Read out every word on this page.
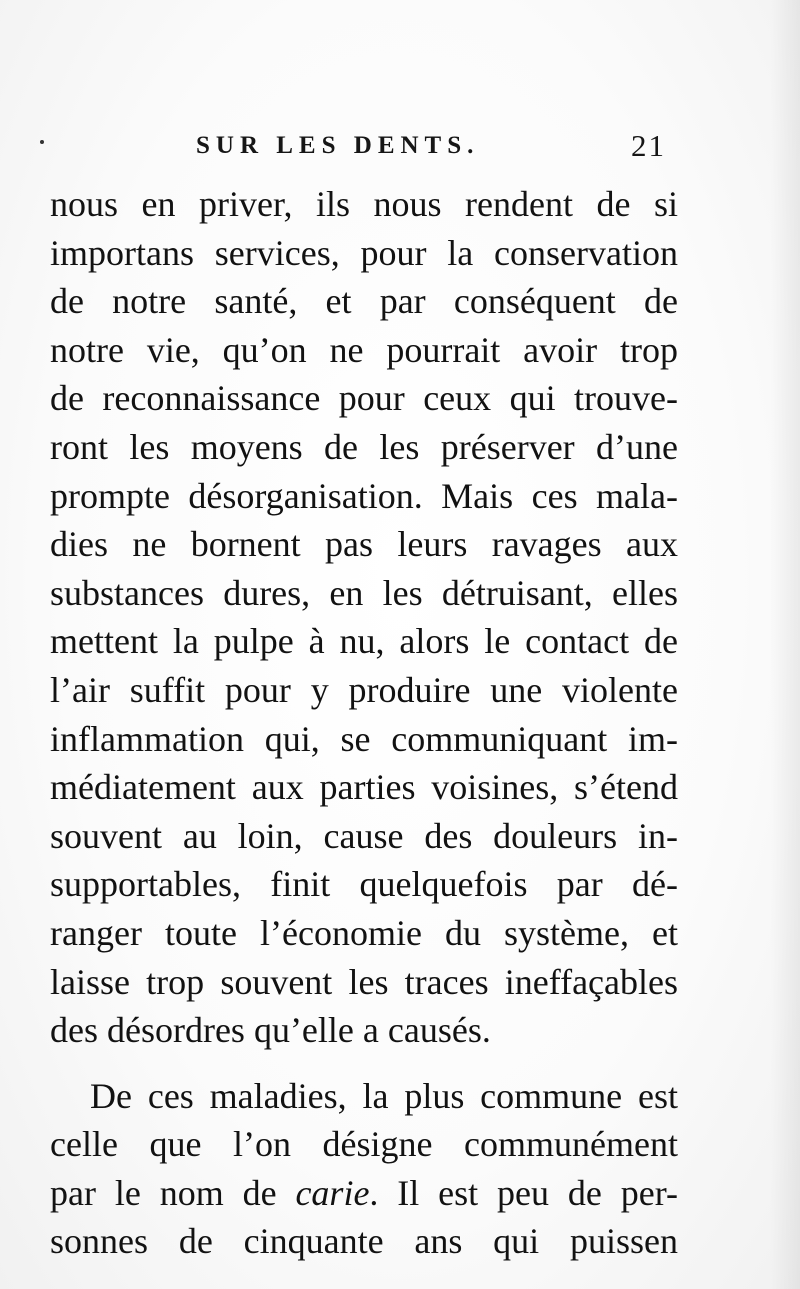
SUR LES DENTS.	21
nous en priver, ils nous rendent de si
importans services, pour la conservation
de notre santé, et par conséquent de
notre vie, qu’on ne pourrait avoir trop
de reconnaissance pour ceux qui trouve-
ront les moyens de les préserver d’une
prompte désorganisation. Mais ces mala-
dies ne bornent pas leurs ravages aux
substances dures, en les détruisant, elles
mettent la pulpe à nu, alors le contact de
l’air suffit pour y produire une violente
inflammation qui, se communiquant im-
médiatement aux parties voisines, s’étend
souvent au loin, cause des douleurs in-
supportables, finit quelquefois par dé-
ranger toute l’économie du système, et
laisse trop souvent les traces ineffaçables
des désordres qu’elle a causés.
De ces maladies, la plus commune est
celle que l’on désigne communément
par le nom de carie. Il est peu de per-
sonnes de cinquante ans qui puissen
